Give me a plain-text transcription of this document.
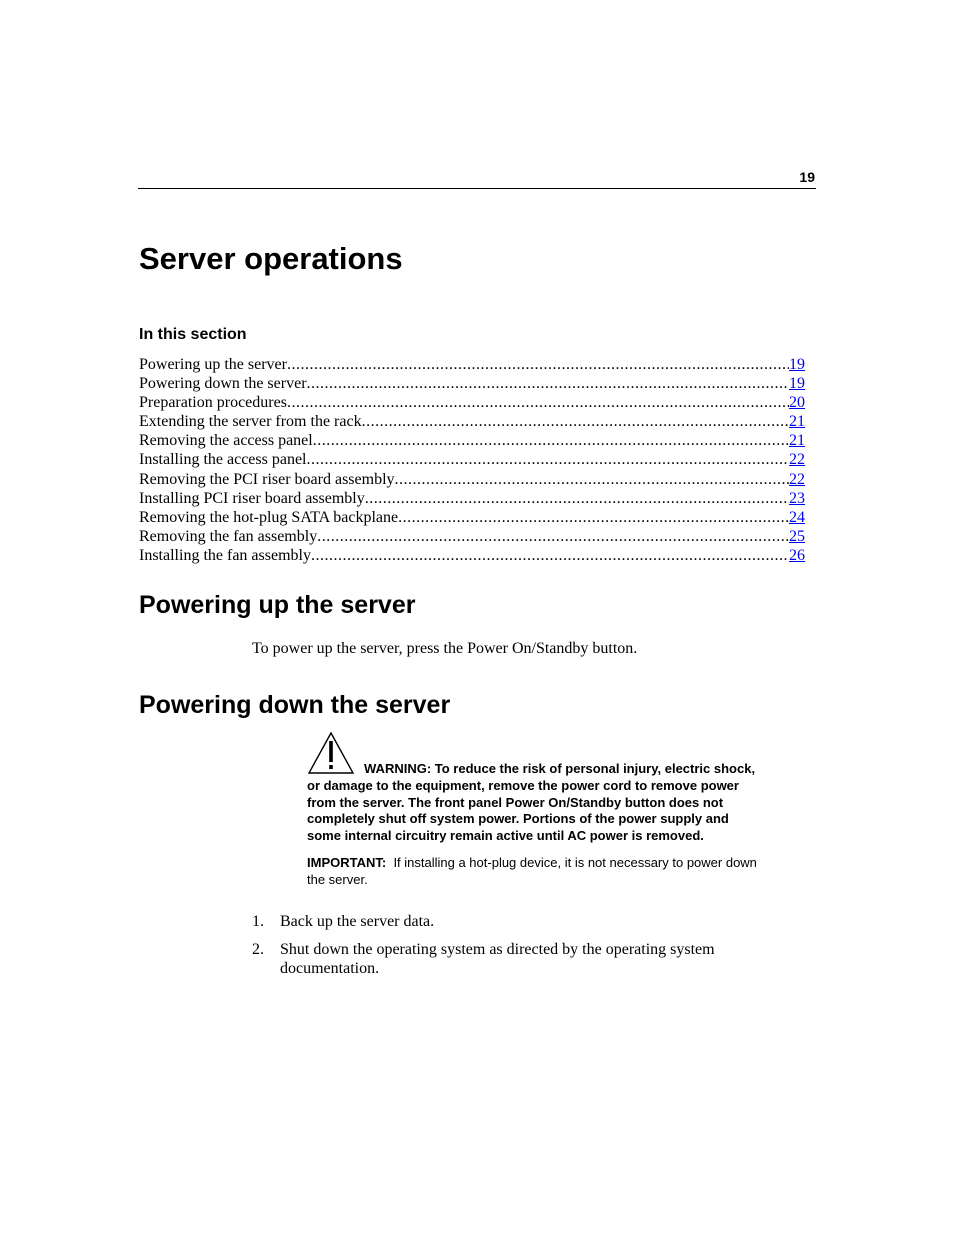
19
Server operations
In this section
Powering up the server .....	19
Powering down the server .....	19
Preparation procedures .....	20
Extending the server from the rack .....	21
Removing the access panel .....	21
Installing the access panel .....	22
Removing the PCI riser board assembly .....	22
Installing PCI riser board assembly .....	23
Removing the hot-plug SATA backplane .....	24
Removing the fan assembly .....	25
Installing the fan assembly .....	26
Powering up the server

To power up the server, press the Power On/Standby button.

Powering down the server

WARNING: To reduce the risk of personal injury, electric shock, or damage to the equipment, remove the power cord to remove power from the server. The front panel Power On/Standby button does not completely shut off system power. Portions of the power supply and some internal circuitry remain active until AC power is removed.

IMPORTANT: If installing a hot-plug device, it is not necessary to power down the server.

1.	Back up the server data.
2.	Shut down the operating system as directed by the operating system documentation.
